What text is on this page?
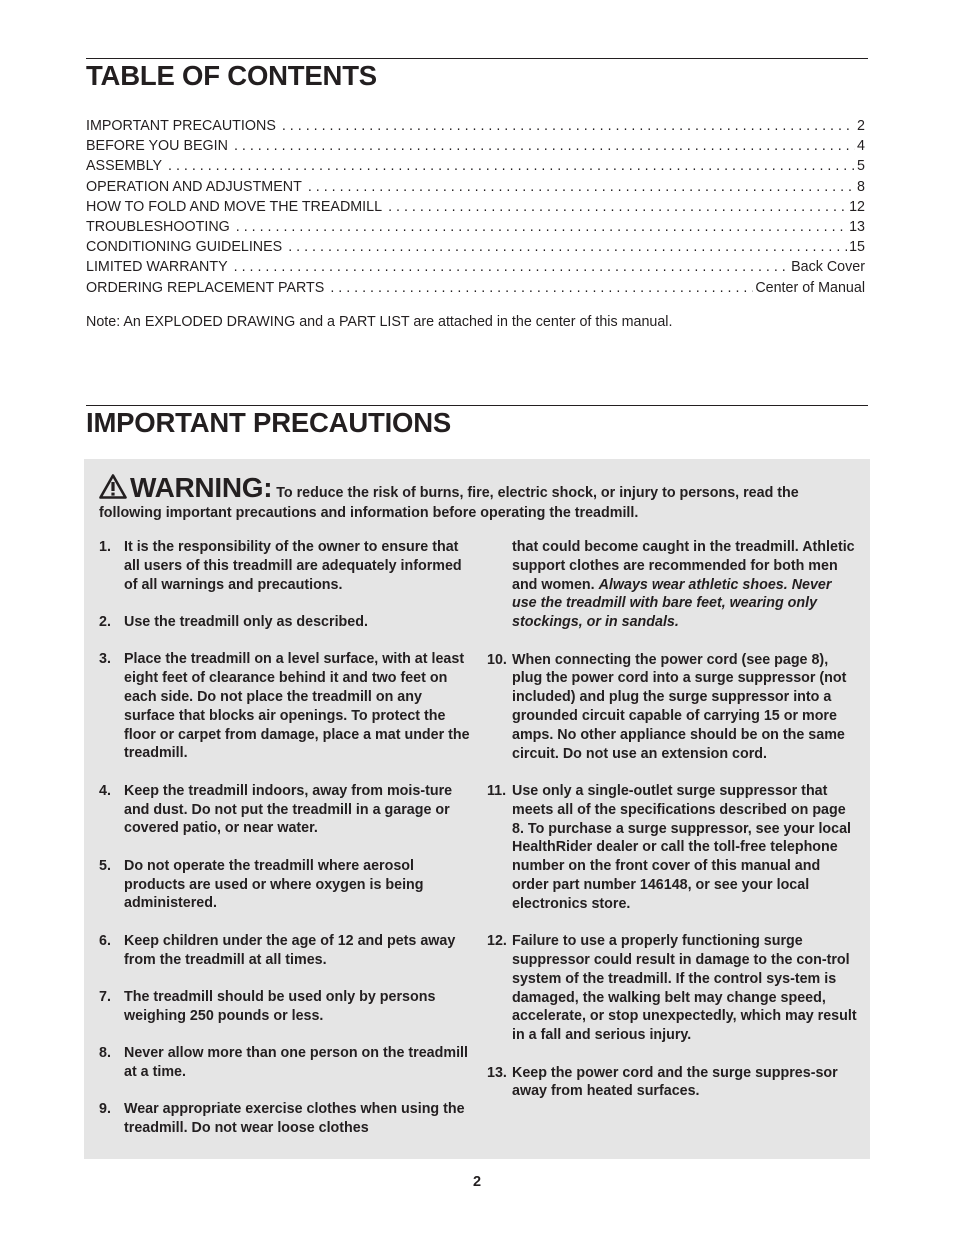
TABLE OF CONTENTS
IMPORTANT PRECAUTIONS . . .	2
BEFORE YOU BEGIN . . .	4
ASSEMBLY . . .	5
OPERATION AND ADJUSTMENT . . .	8
HOW TO FOLD AND MOVE THE TREADMILL . . .	12
TROUBLESHOOTING . . .	13
CONDITIONING GUIDELINES . . .	15
LIMITED WARRANTY . . .	Back Cover
ORDERING REPLACEMENT PARTS . . .	Center of Manual

Note: An EXPLODED DRAWING and a PART LIST are attached in the center of this manual.

IMPORTANT PRECAUTIONS

WARNING: To reduce the risk of burns, fire, electric shock, or injury to persons, read the following important precautions and information before operating the treadmill.

1. It is the responsibility of the owner to ensure that all users of this treadmill are adequately informed of all warnings and precautions.
2. Use the treadmill only as described.
3. Place the treadmill on a level surface, with at least eight feet of clearance behind it and two feet on each side. Do not place the treadmill on any surface that blocks air openings. To protect the floor or carpet from damage, place a mat under the treadmill.
4. Keep the treadmill indoors, away from mois-ture and dust. Do not put the treadmill in a garage or covered patio, or near water.
5. Do not operate the treadmill where aerosol products are used or where oxygen is being administered.
6. Keep children under the age of 12 and pets away from the treadmill at all times.
7. The treadmill should be used only by persons weighing 250 pounds or less.
8. Never allow more than one person on the treadmill at a time.
9. Wear appropriate exercise clothes when using the treadmill. Do not wear loose clothes
that could become caught in the treadmill. Athletic support clothes are recommended for both men and women. Always wear athletic shoes. Never use the treadmill with bare feet, wearing only stockings, or in sandals.
10. When connecting the power cord (see page 8), plug the power cord into a surge suppressor (not included) and plug the surge suppressor into a grounded circuit capable of carrying 15 or more amps. No other appliance should be on the same circuit. Do not use an extension cord.
11. Use only a single-outlet surge suppressor that meets all of the specifications described on page 8. To purchase a surge suppressor, see your local HealthRider dealer or call the toll-free telephone number on the front cover of this manual and order part number 146148, or see your local electronics store.
12. Failure to use a properly functioning surge suppressor could result in damage to the con-trol system of the treadmill. If the control sys-tem is damaged, the walking belt may change speed, accelerate, or stop unexpectedly, which may result in a fall and serious injury.
13. Keep the power cord and the surge suppres-sor away from heated surfaces.

2
